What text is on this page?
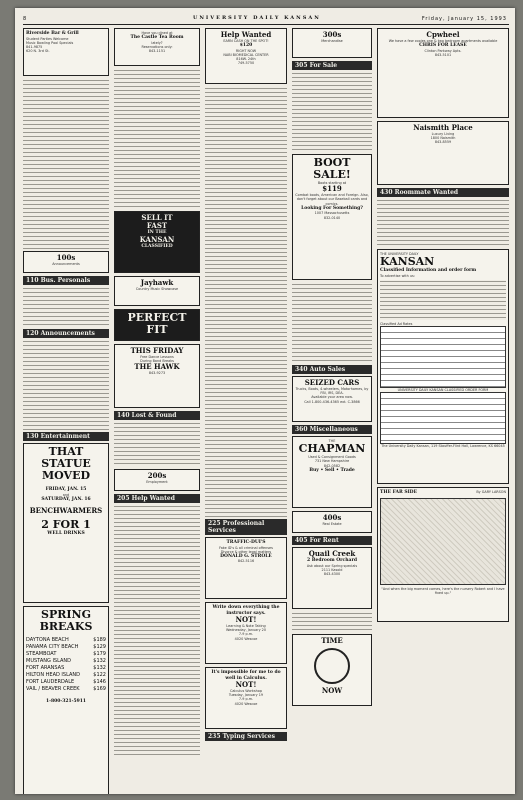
8	UNIVERSITY DAILY KANSAN	Friday, January 15, 1993
Riverside Bar & Grill
Student Parties Welcome
Music Bowling Pool Specials
841-9875
620 N. 3rd St.
100s
Announcements
110 Bus. Personals
120 Announcements
130 Entertainment
THAT STATUE
MOVED
FRIDAY, JAN. 15
and
SATURDAY, JAN. 16
BENCHWARMERS
2 FOR 1
WELL DRINKS
SPRING
BREAKS
DAYTONA BEACH	$189
PANAMA CITY BEACH	$129
STEAMBOAT	$179
MUSTANG ISLAND	$132
FORT ARANSAS	$132
HILTON HEAD ISLAND	$122
FORT LAUDERDALE	$146
VAIL / BEAVER CREEK	$169
1-800-321-5911
Have you dined at
The Castle Tea Room
lately?
Reservations only:
843-1151
SELL IT
FAST
IN THE
KANSAN
CLASSIFIED
Jayhawk
Country Music Showcase
PERFECT
FIT
THIS FRIDAY
Free Dance Lessons
During Band Breaks
THE HAWK
843-9273
140 Lost & Found
200s
Employment
205 Help Wanted
Help Wanted
EARN CASH ON THE SPOT!
$120
RIGHT NOW
NABI BIOMEDICAL CENTER
816W. 24th
749-5750
225 Professional Services
TRAFFIC-DUI'S
Fake ID's & all criminal offenses
Divorce & other legal matters
DONALD G. STROLE
842-5116
Write down everything the instructor says.
NOT!
Learning & Note Taking
Wednesday, January 20
7-9 p.m.
4020 Wescoe
It's impossible for me to do well in Calculus.
NOT!
Calculus Workshop
Tuesday, January 19
7-9 p.m.
4020 Wescoe
235 Typing Services
300s
Merchandise
305 For Sale
BOOT
SALE!
Boots starting at
$119
Combat boots, American and Foreign. Also, don't forget about our Baseball cards and comics.
Looking For Something?
1007 Massachusetts
832-0140
340 Auto Sales
SEIZED CARS
Trucks, Boats, 4-wheelers, Motorhomes, by FBI, IRS, DEA.
Available your area now.
Call 1-800-436-4365 ext. C-3866
360 Miscellaneous
THE
CHAPMAN
Used & Consignment Goods
731 New Hampshire
842-0582
Buy • Sell • Trade
400s
Real Estate
405 For Rent
Quail Creek
2 Bedroom Orchard
Ask about our Spring specials
2111 Kasold
843-4300
TIME
NOW
Cpwheel
We have a few copies one & two bedroom apartments available
CHRIS FOR LEASE
Clinton Parkway Apts.
843-5101
Naismith Place
Luxury Living
1800 Naismith
843-8559
430 Roommate Wanted
THE UNIVERSITY DAILY
KANSAN
Classified Information and order form
To advertise with us:
Classified Ad Rates
UNIVERSITY DAILY KANSAN CLASSIFIED ORDER FORM
The University Daily Kansan, 119 Stauffer-Flint Hall, Lawrence, KS 66045
THE FAR SIDE	By GARY LARSON
"And when the big moment comes, here's the nursery Robert and I have fixed up."
